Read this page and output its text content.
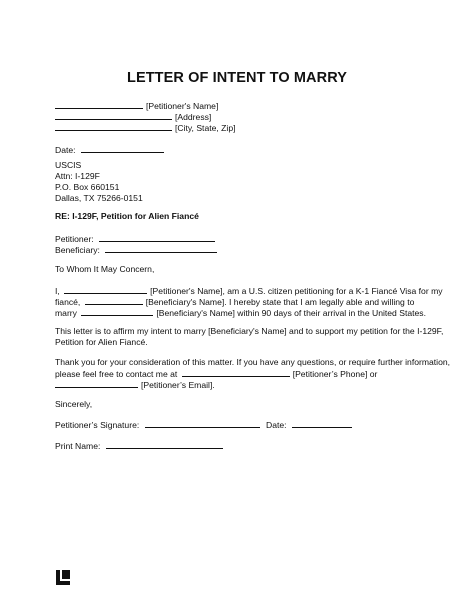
LETTER OF INTENT TO MARRY
[Petitioner's Name]
[Address]
[City, State, Zip]
Date:
USCIS
Attn: I-129F
P.O. Box 660151
Dallas, TX 75266-0151
RE: I-129F, Petition for Alien Fiancé
Petitioner:
Beneficiary:
To Whom It May Concern,
I,	[Petitioner's Name], am a U.S. citizen petitioning for a K-1 Fiancé Visa for my
fiancé,	[Beneficiary's Name]. I hereby state that I am legally able and willing to
marry	[Beneficiary's Name] within 90 days of their arrival in the United States.
This letter is to affirm my intent to marry [Beneficiary's Name] and to support my petition for the I-129F,
Petition for Alien Fiancé.
Thank you for your consideration of this matter. If you have any questions, or require further information,
please feel free to contact me at	[Petitioner’s Phone] or
[Petitioner’s Email].
Sincerely,
Petitioner’s Signature:	Date:
Print Name:
